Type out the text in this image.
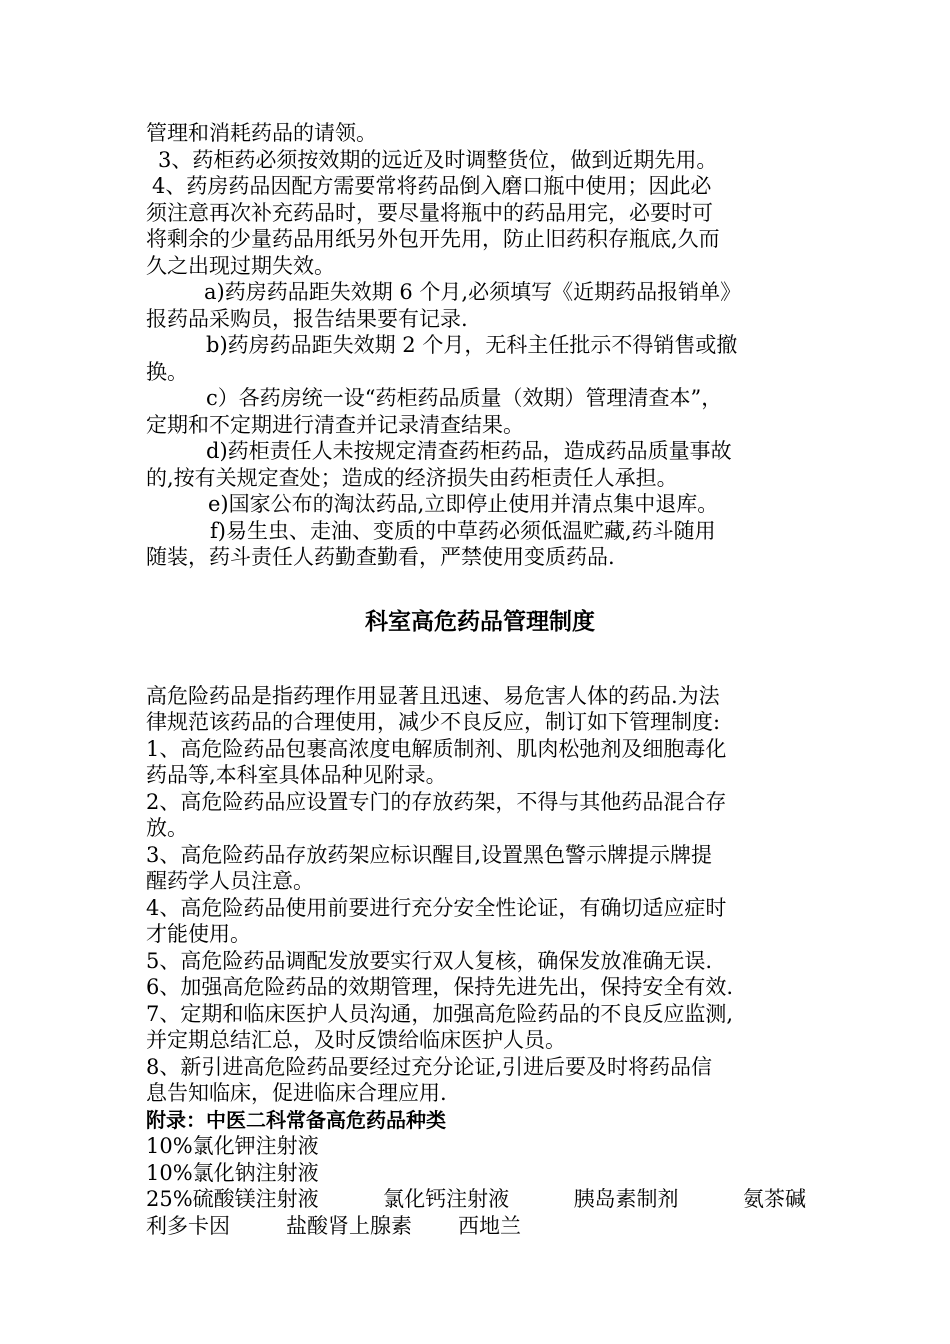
管理和消耗药品的请领。
3、药柜药必须按效期的远近及时调整货位，做到近期先用。
4、药房药品因配方需要常将药品倒入磨口瓶中使用；因此必
须注意再次补充药品时，要尽量将瓶中的药品用完，必要时可
将剩余的少量药品用纸另外包开先用，防止旧药积存瓶底,久而
久之出现过期失效。
a)药房药品距失效期 6 个月,必须填写《近期药品报销单》
报药品采购员，报告结果要有记录.
b)药房药品距失效期 2 个月，无科主任批示不得销售或撤
换。
c）各药房统一设“药柜药品质量（效期）管理清查本”，
定期和不定期进行清查并记录清查结果。
d)药柜责任人未按规定清查药柜药品，造成药品质量事故
的,按有关规定查处；造成的经济损失由药柜责任人承担。
e)国家公布的淘汰药品,立即停止使用并清点集中退库。
f)易生虫、走油、变质的中草药必须低温贮藏,药斗随用
随装，药斗责任人药勤查勤看，严禁使用变质药品.
科室高危药品管理制度
高危险药品是指药理作用显著且迅速、易危害人体的药品.为法
律规范该药品的合理使用，减少不良反应，制订如下管理制度:
1、高危险药品包裹高浓度电解质制剂、肌肉松弛剂及细胞毒化
药品等,本科室具体品种见附录。
2、高危险药品应设置专门的存放药架，不得与其他药品混合存
放。
3、高危险药品存放药架应标识醒目,设置黑色警示牌提示牌提
醒药学人员注意。
4、高危险药品使用前要进行充分安全性论证，有确切适应症时
才能使用。
5、高危险药品调配发放要实行双人复核，确保发放准确无误.
6、加强高危险药品的效期管理，保持先进先出，保持安全有效.
7、定期和临床医护人员沟通，加强高危险药品的不良反应监测,
并定期总结汇总，及时反馈给临床医护人员。
8、新引进高危险药品要经过充分论证,引进后要及时将药品信
息告知临床，促进临床合理应用.
附录：中医二科常备高危药品种类
10%氯化钾注射液
10%氯化钠注射液
25%硫酸镁注射液	氯化钙注射液	胰岛素制剂	氨茶碱
利多卡因	盐酸肾上腺素 西地兰
